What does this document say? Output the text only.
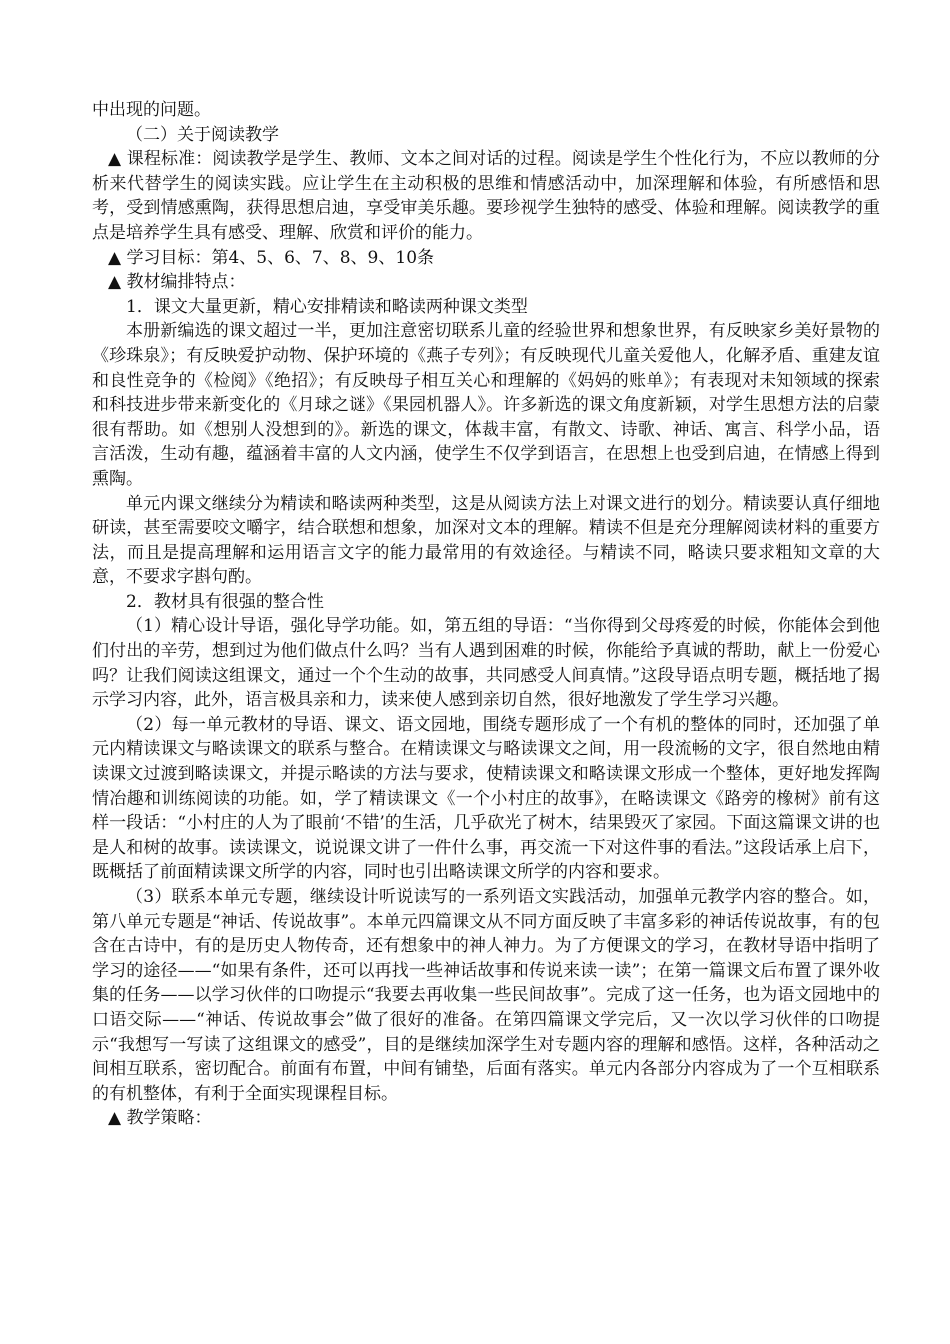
中出现的问题。

（二）关于阅读教学

▲ 课程标准：阅读教学是学生、教师、文本之间对话的过程。阅读是学生个性化行为，不应以教师的分析来代替学生的阅读实践。应让学生在主动积极的思维和情感活动中，加深理解和体验，有所感悟和思考，受到情感熏陶，获得思想启迪，享受审美乐趣。要珍视学生独特的感受、体验和理解。阅读教学的重点是培养学生具有感受、理解、欣赏和评价的能力。

▲ 学习目标：第4、5、6、7、8、9、10条

▲ 教材编排特点：

1．课文大量更新，精心安排精读和略读两种课文类型

本册新编选的课文超过一半，更加注意密切联系儿童的经验世界和想象世界，有反映家乡美好景物的《珍珠泉》；有反映爱护动物、保护环境的《燕子专列》；有反映现代儿童关爱他人，化解矛盾、重建友谊和良性竞争的《检阅》《绝招》；有反映母子相互关心和理解的《妈妈的账单》；有表现对未知领域的探索和科技进步带来新变化的《月球之谜》《果园机器人》。许多新选的课文角度新颖，对学生思想方法的启蒙很有帮助。如《想别人没想到的》。新选的课文，体裁丰富，有散文、诗歌、神话、寓言、科学小品，语言活泼，生动有趣，蕴涵着丰富的人文内涵，使学生不仅学到语言，在思想上也受到启迪，在情感上得到熏陶。

单元内课文继续分为精读和略读两种类型，这是从阅读方法上对课文进行的划分。精读要认真仔细地研读，甚至需要咬文嚼字，结合联想和想象，加深对文本的理解。精读不但是充分理解阅读材料的重要方法，而且是提高理解和运用语言文字的能力最常用的有效途径。与精读不同，略读只要求粗知文章的大意，不要求字斟句酌。

2．教材具有很强的整合性

（1）精心设计导语，强化导学功能。如，第五组的导语：“当你得到父母疼爱的时候，你能体会到他们付出的辛劳，想到过为他们做点什么吗？当有人遇到困难的时候，你能给予真诚的帮助，献上一份爱心吗？让我们阅读这组课文，通过一个个生动的故事，共同感受人间真情。”这段导语点明专题，概括地了揭示学习内容，此外，语言极具亲和力，读来使人感到亲切自然，很好地激发了学生学习兴趣。

（2）每一单元教材的导语、课文、语文园地，围绕专题形成了一个有机的整体的同时，还加强了单元内精读课文与略读课文的联系与整合。在精读课文与略读课文之间，用一段流畅的文字，很自然地由精读课文过渡到略读课文，并提示略读的方法与要求，使精读课文和略读课文形成一个整体，更好地发挥陶情冶趣和训练阅读的功能。如，学了精读课文《一个小村庄的故事》，在略读课文《路旁的橡树》前有这样一段话：“小村庄的人为了眼前‘不错’的生活，几乎砍光了树木，结果毁灭了家园。下面这篇课文讲的也是人和树的故事。读读课文，说说课文讲了一件什么事，再交流一下对这件事的看法。”这段话承上启下，既概括了前面精读课文所学的内容，同时也引出略读课文所学的内容和要求。

（3）联系本单元专题，继续设计听说读写的一系列语文实践活动，加强单元教学内容的整合。如，第八单元专题是“神话、传说故事”。本单元四篇课文从不同方面反映了丰富多彩的神话传说故事，有的包含在古诗中，有的是历史人物传奇，还有想象中的神人神力。为了方便课文的学习，在教材导语中指明了学习的途径——“如果有条件，还可以再找一些神话故事和传说来读一读”；在第一篇课文后布置了课外收集的任务——以学习伙伴的口吻提示“我要去再收集一些民间故事”。完成了这一任务，也为语文园地中的口语交际——“神话、传说故事会”做了很好的准备。在第四篇课文学完后，又一次以学习伙伴的口吻提示“我想写一写读了这组课文的感受”，目的是继续加深学生对专题内容的理解和感悟。这样，各种活动之间相互联系，密切配合。前面有布置，中间有铺垫，后面有落实。单元内各部分内容成为了一个互相联系的有机整体，有利于全面实现课程目标。

▲ 教学策略：
